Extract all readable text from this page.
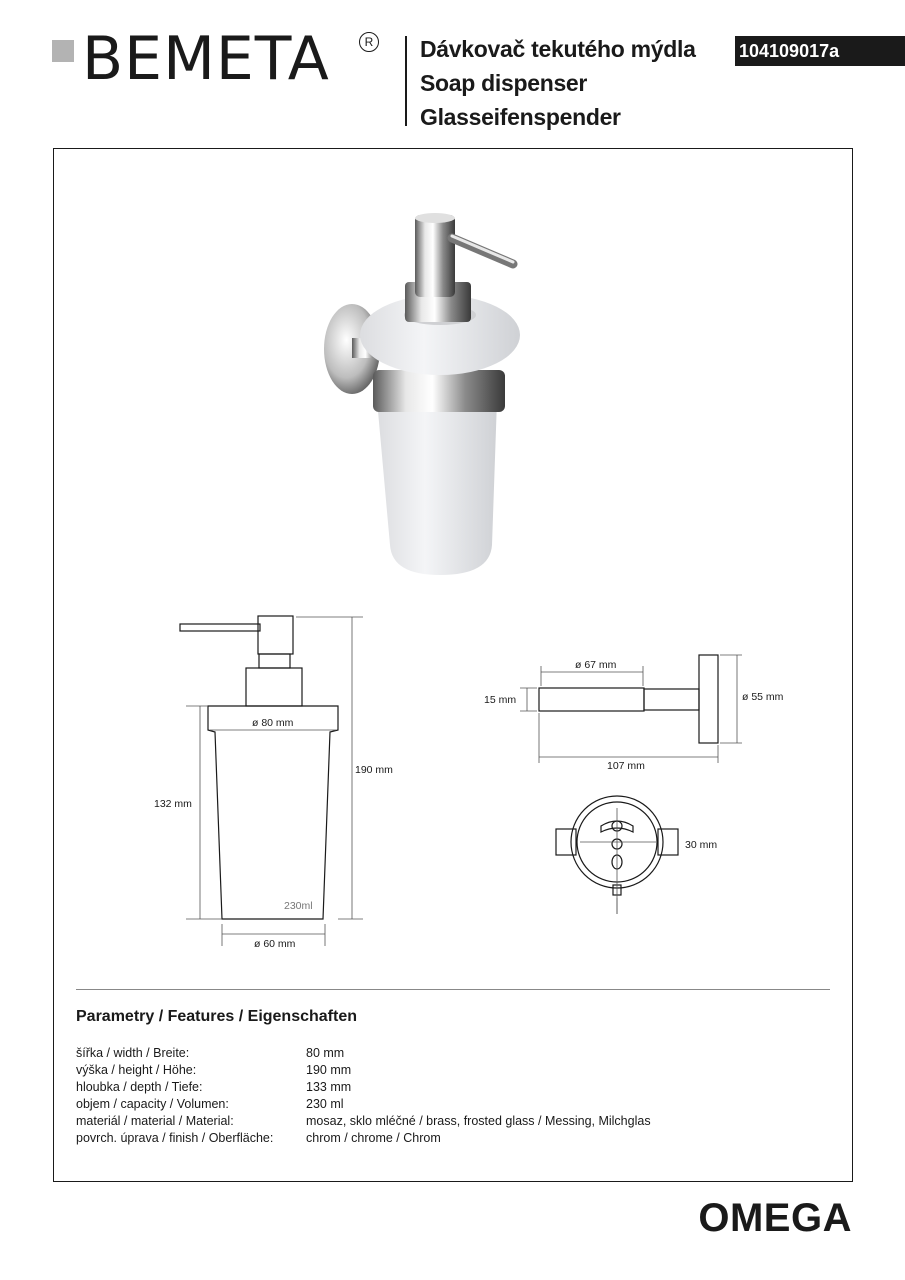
BEMETA	R Dávkovač tekutého mýdla
Soap dispenser
Glasseifenspender
104109017a
ø 80 mm
190 mm
132 mm
230ml
ø 60 mm
ø 67 mm
15 mm	ø 55 mm
107 mm
30 mm
Parametry / Features / Eigenschaften
šířka / width / Breite:	80 mm
výška / height / Höhe:	190 mm
hloubka / depth / Tiefe:	133 mm
objem / capacity / Volumen:	230 ml
materiál / material / Material:	mosaz, sklo mléčné / brass, frosted glass / Messing, Milchglas
povrch. úprava / finish / Oberfläche:	chrom / chrome / Chrom
OMEGA
